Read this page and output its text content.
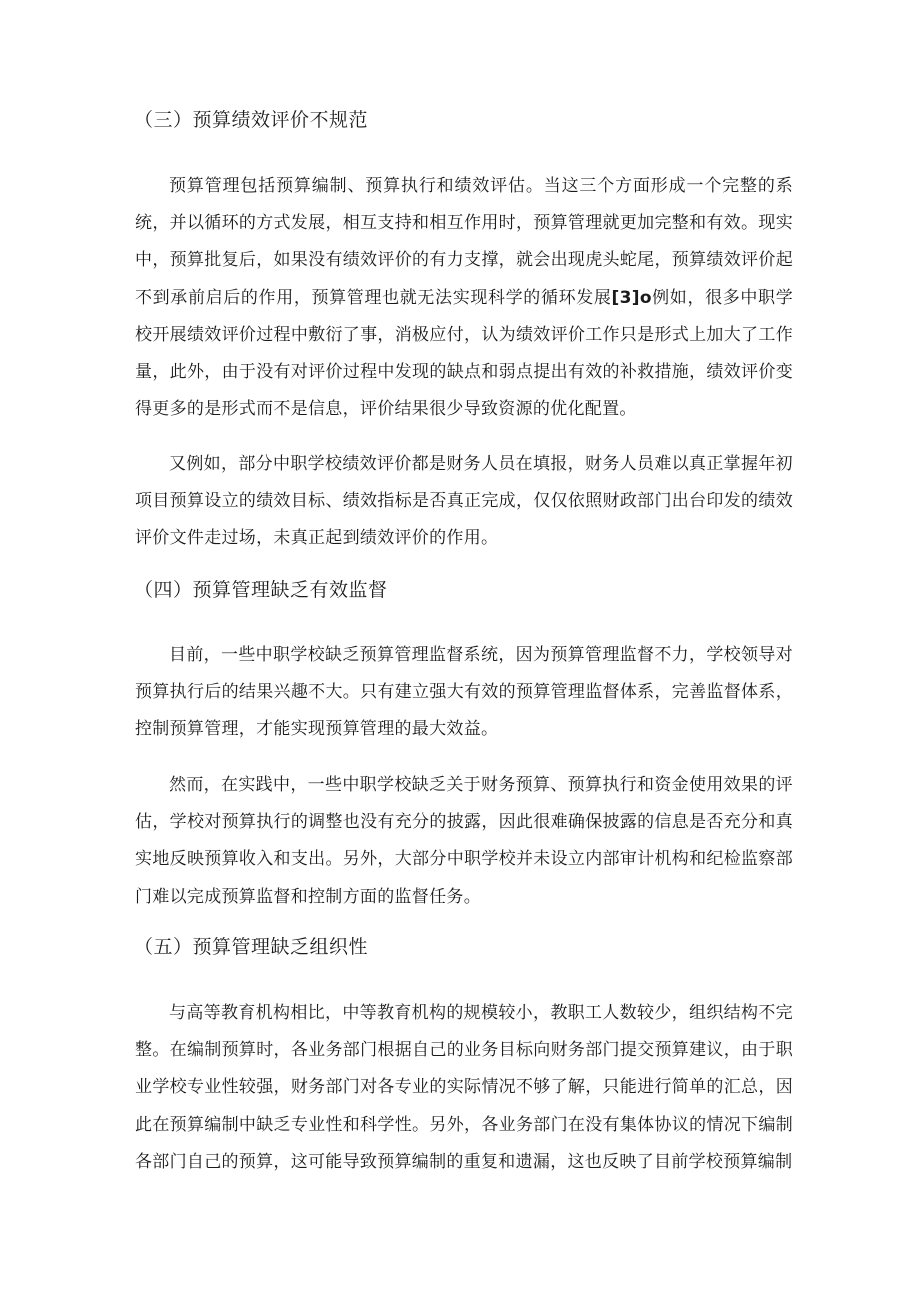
（三）预算绩效评价不规范

预算管理包括预算编制、预算执行和绩效评估。当这三个方面形成一个完整的系统，并以循环的方式发展，相互支持和相互作用时，预算管理就更加完整和有效。现实中，预算批复后，如果没有绩效评价的有力支撑，就会出现虎头蛇尾，预算绩效评价起不到承前启后的作用，预算管理也就无法实现科学的循环发展[3]o例如，很多中职学校开展绩效评价过程中敷衍了事，消极应付，认为绩效评价工作只是形式上加大了工作量，此外，由于没有对评价过程中发现的缺点和弱点提出有效的补救措施，绩效评价变得更多的是形式而不是信息，评价结果很少导致资源的优化配置。

又例如，部分中职学校绩效评价都是财务人员在填报，财务人员难以真正掌握年初项目预算设立的绩效目标、绩效指标是否真正完成，仅仅依照财政部门出台印发的绩效评价文件走过场，未真正起到绩效评价的作用。

（四）预算管理缺乏有效监督

目前，一些中职学校缺乏预算管理监督系统，因为预算管理监督不力，学校领导对预算执行后的结果兴趣不大。只有建立强大有效的预算管理监督体系，完善监督体系，控制预算管理，才能实现预算管理的最大效益。

然而，在实践中，一些中职学校缺乏关于财务预算、预算执行和资金使用效果的评估，学校对预算执行的调整也没有充分的披露，因此很难确保披露的信息是否充分和真实地反映预算收入和支出。另外，大部分中职学校并未设立内部审计机构和纪检监察部门难以完成预算监督和控制方面的监督任务。

（五）预算管理缺乏组织性

与高等教育机构相比，中等教育机构的规模较小，教职工人数较少，组织结构不完整。在编制预算时，各业务部门根据自己的业务目标向财务部门提交预算建议，由于职业学校专业性较强，财务部门对各专业的实际情况不够了解，只能进行简单的汇总，因此在预算编制中缺乏专业性和科学性。另外，各业务部门在没有集体协议的情况下编制各部门自己的预算，这可能导致预算编制的重复和遗漏，这也反映了目前学校预算编制
